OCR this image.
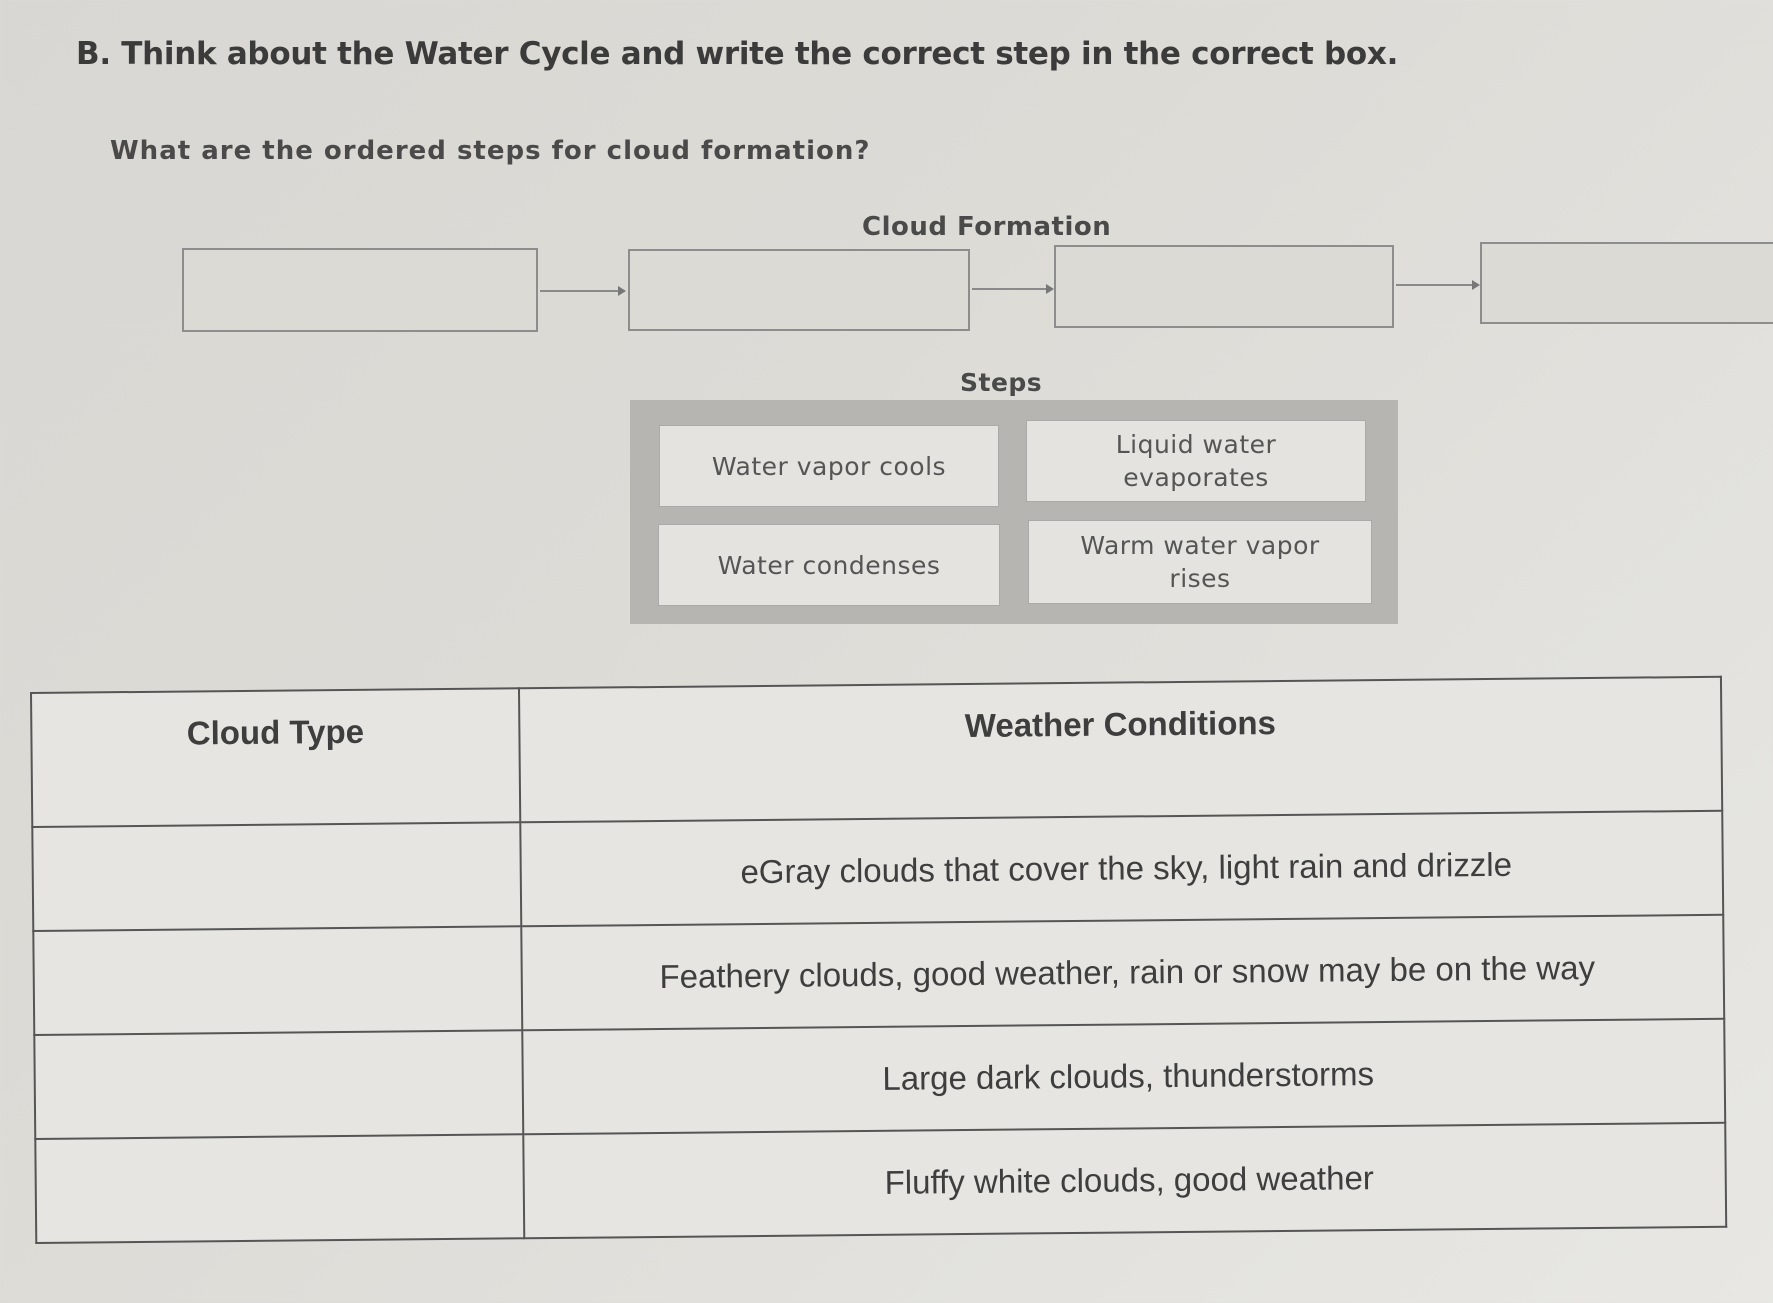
B. Think about the Water Cycle and write the correct step in the correct box.
What are the ordered steps for cloud formation?
Cloud Formation
Steps
Water vapor cools
Liquid water evaporates
Water condenses
Warm water vapor rises
Cloud Type	Weather Conditions
	eGray clouds that cover the sky, light rain and drizzle
	Feathery clouds, good weather, rain or snow may be on the way
	Large dark clouds, thunderstorms
	Fluffy white clouds, good weather
